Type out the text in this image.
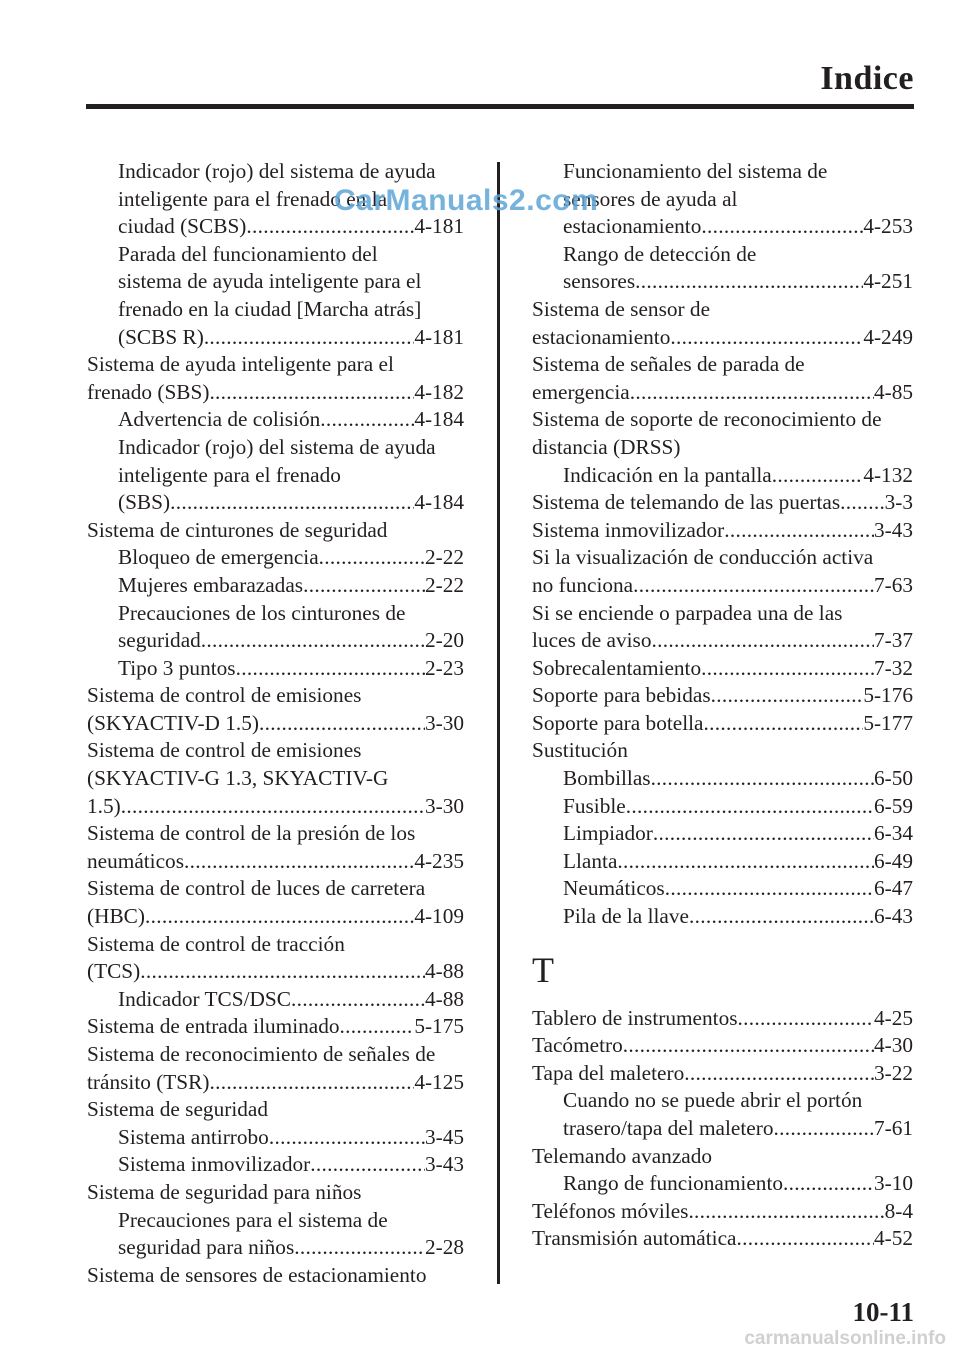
Indice
Indicador (rojo) del sistema de ayuda
inteligente para el frenado en la
ciudad (SCBS) .....	4-181
Parada del funcionamiento del
sistema de ayuda inteligente para el
frenado en la ciudad [Marcha atrás]
(SCBS R) .....	4-181
Sistema de ayuda inteligente para el
frenado (SBS) .....	4-182
Advertencia de colisión .....	4-184
Indicador (rojo) del sistema de ayuda
inteligente para el frenado
(SBS) .....	4-184
Sistema de cinturones de seguridad
Bloqueo de emergencia .....	2-22
Mujeres embarazadas .....	2-22
Precauciones de los cinturones de
seguridad .....	2-20
Tipo 3 puntos .....	2-23
Sistema de control de emisiones
(SKYACTIV-D 1.5) .....	3-30
Sistema de control de emisiones
(SKYACTIV-G 1.3, SKYACTIV-G
1.5) .....	3-30
Sistema de control de la presión de los
neumáticos .....	4-235
Sistema de control de luces de carretera
(HBC) .....	4-109
Sistema de control de tracción
(TCS) .....	4-88
Indicador TCS/DSC .....	4-88
Sistema de entrada iluminado .....	5-175
Sistema de reconocimiento de señales de
tránsito (TSR) .....	4-125
Sistema de seguridad
Sistema antirrobo .....	3-45
Sistema inmovilizador .....	3-43
Sistema de seguridad para niños
Precauciones para el sistema de
seguridad para niños .....	2-28
Sistema de sensores de estacionamiento
Funcionamiento del sistema de
sensores de ayuda al
estacionamiento .....	4-253
Rango de detección de
sensores .....	4-251
Sistema de sensor de
estacionamiento .....	4-249
Sistema de señales de parada de
emergencia .....	4-85
Sistema de soporte de reconocimiento de
distancia (DRSS)
Indicación en la pantalla .....	4-132
Sistema de telemando de las puertas ..... 3-3
Sistema inmovilizador .....	3-43
Si la visualización de conducción activa
no funciona .....	7-63
Si se enciende o parpadea una de las
luces de aviso .....	7-37
Sobrecalentamiento .....	7-32
Soporte para bebidas .....	5-176
Soporte para botella .....	5-177
Sustitución
Bombillas .....	6-50
Fusible .....	6-59
Limpiador .....	6-34
Llanta .....	6-49
Neumáticos .....	6-47
Pila de la llave .....	6-43
T
Tablero de instrumentos .....	4-25
Tacómetro .....	4-30
Tapa del maletero .....	3-22
Cuando no se puede abrir el portón
trasero/tapa del maletero .....	7-61
Telemando avanzado
Rango de funcionamiento .....	3-10
Teléfonos móviles .....	8-4
Transmisión automática .....	4-52
CarManuals2.com
10-11
carmanualsonline.info
